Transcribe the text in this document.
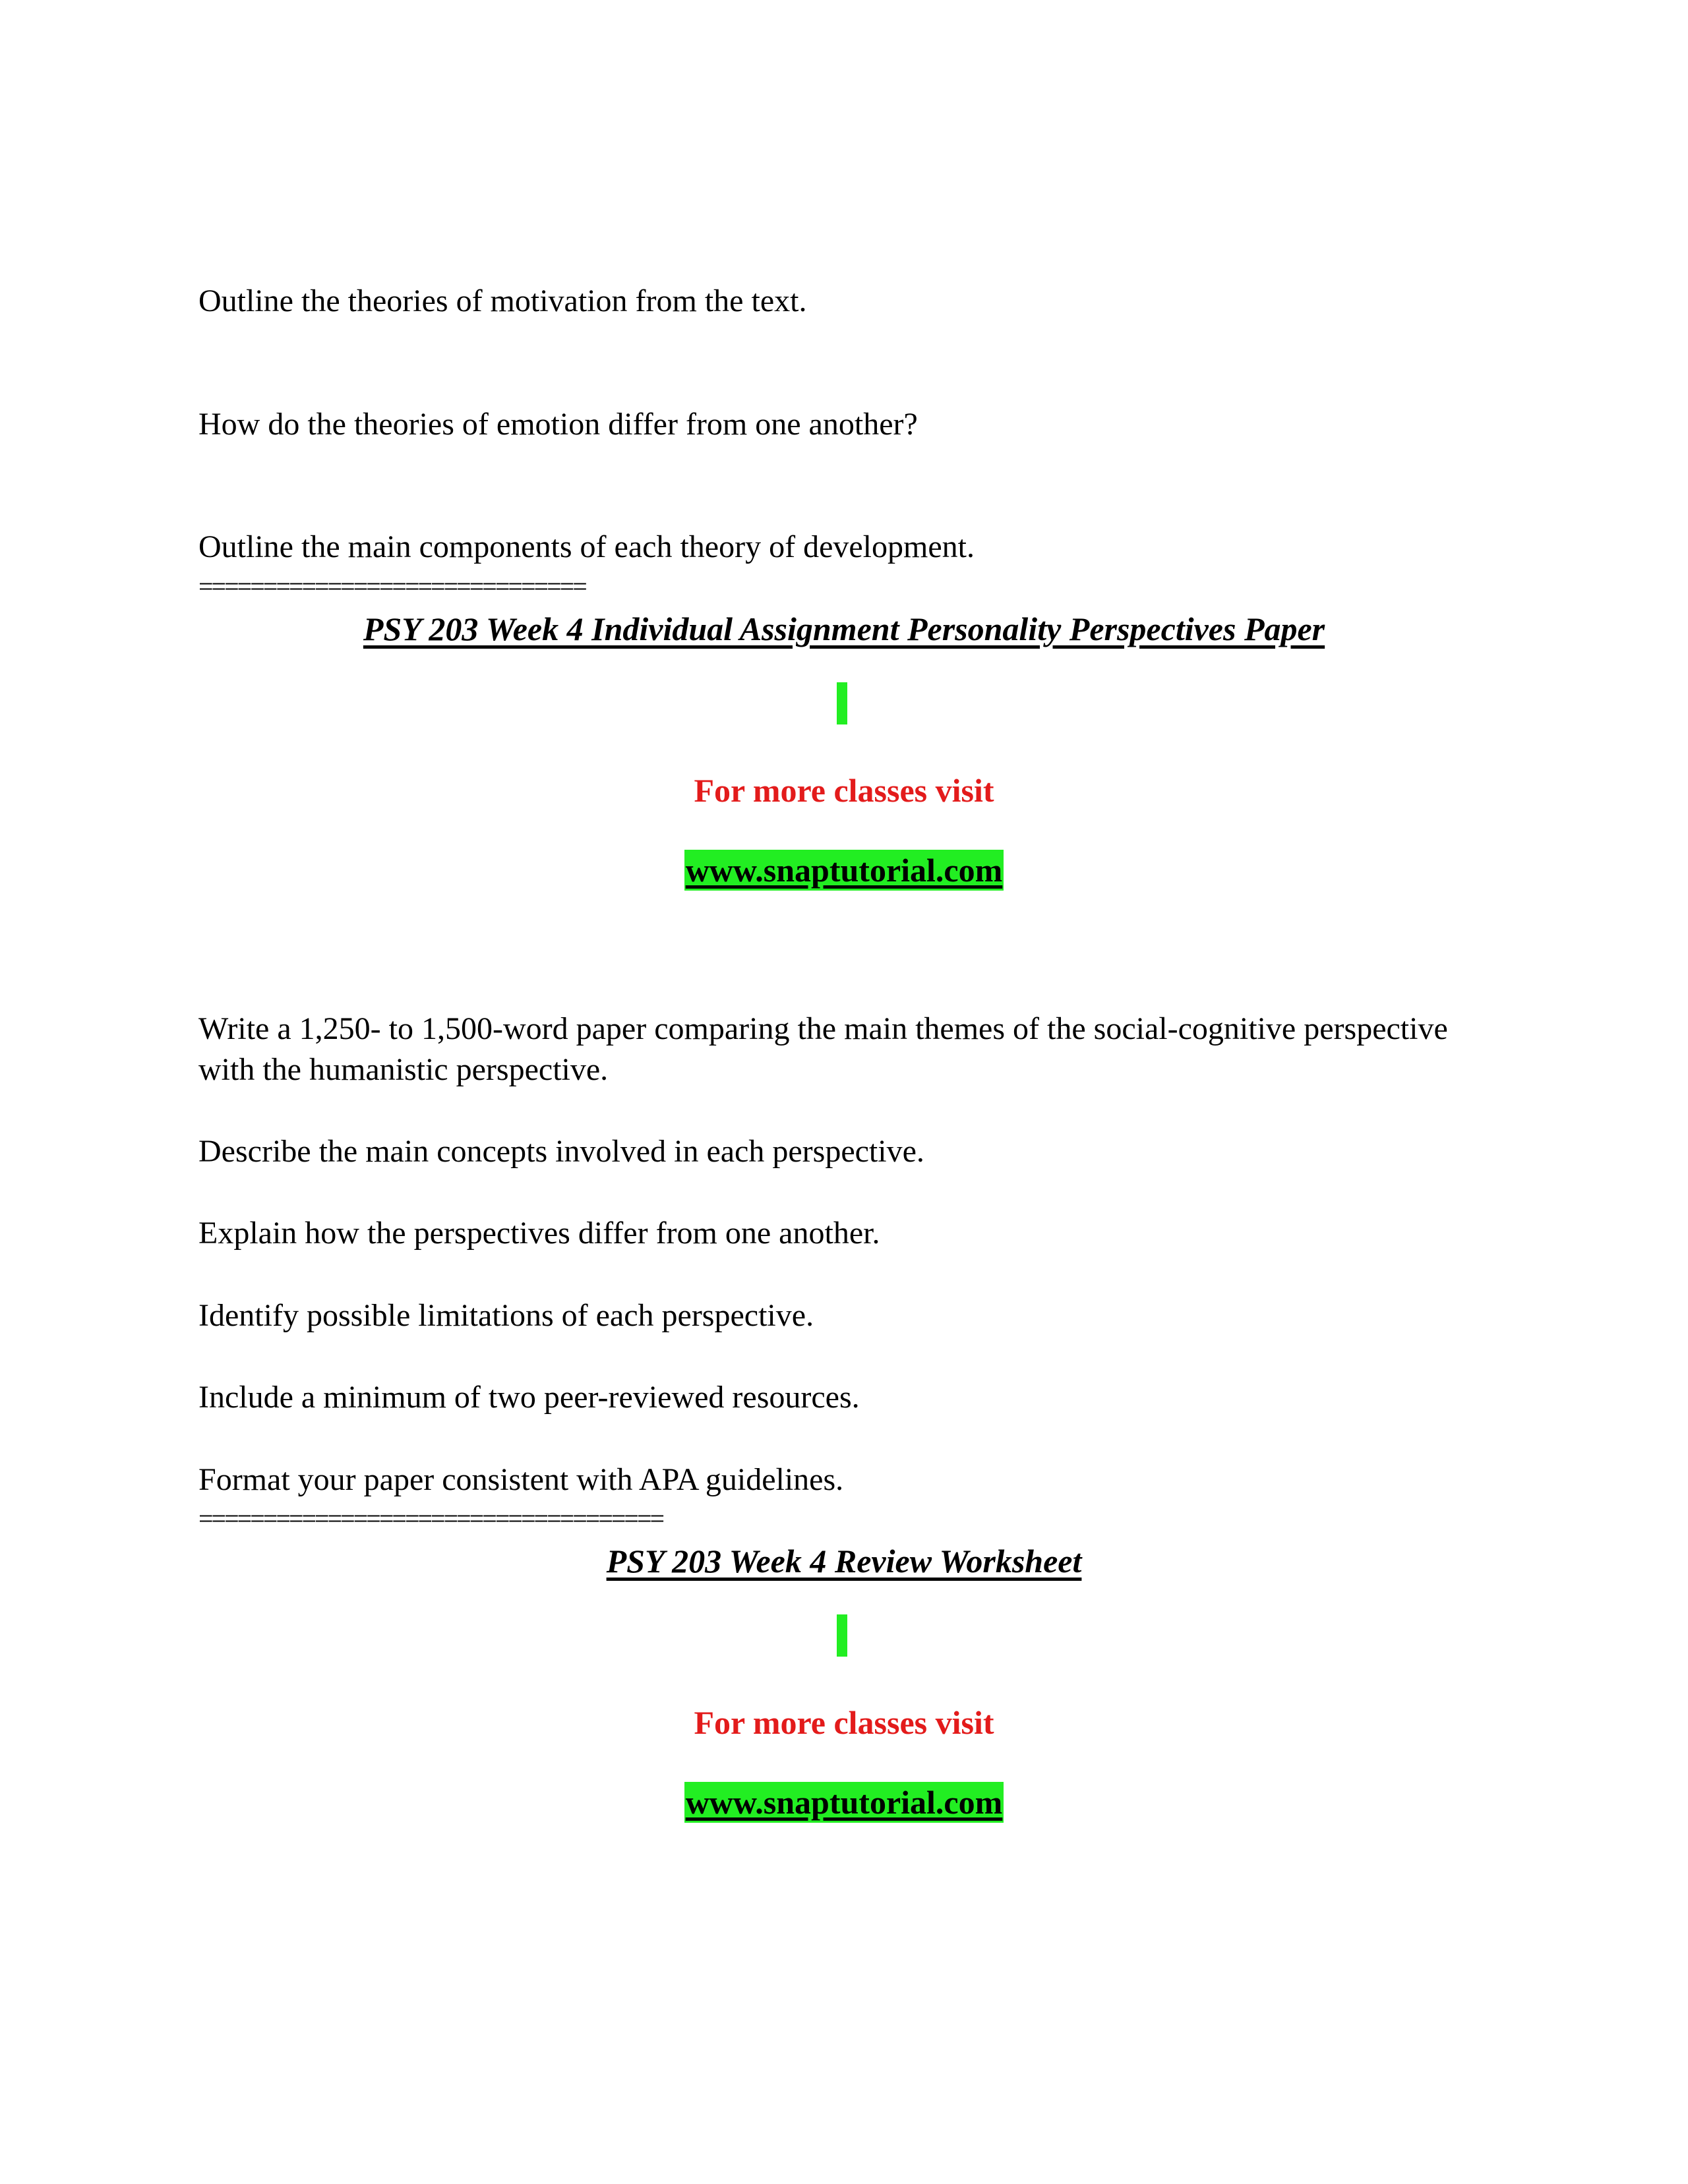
Outline the theories of motivation from the text.

How do the theories of emotion differ from one another?

Outline the main components of each theory of development.

==============================

PSY 203 Week 4 Individual Assignment Personality Perspectives Paper

For more classes visit

www.snaptutorial.com

Write a 1,250- to 1,500-word paper comparing the main themes of the social-cognitive perspective with the humanistic perspective.

Describe the main concepts involved in each perspective.

Explain how the perspectives differ from one another.

Identify possible limitations of each perspective.

Include a minimum of two peer-reviewed resources.

Format your paper consistent with APA guidelines.

====================================

PSY 203 Week 4 Review Worksheet

For more classes visit

www.snaptutorial.com
